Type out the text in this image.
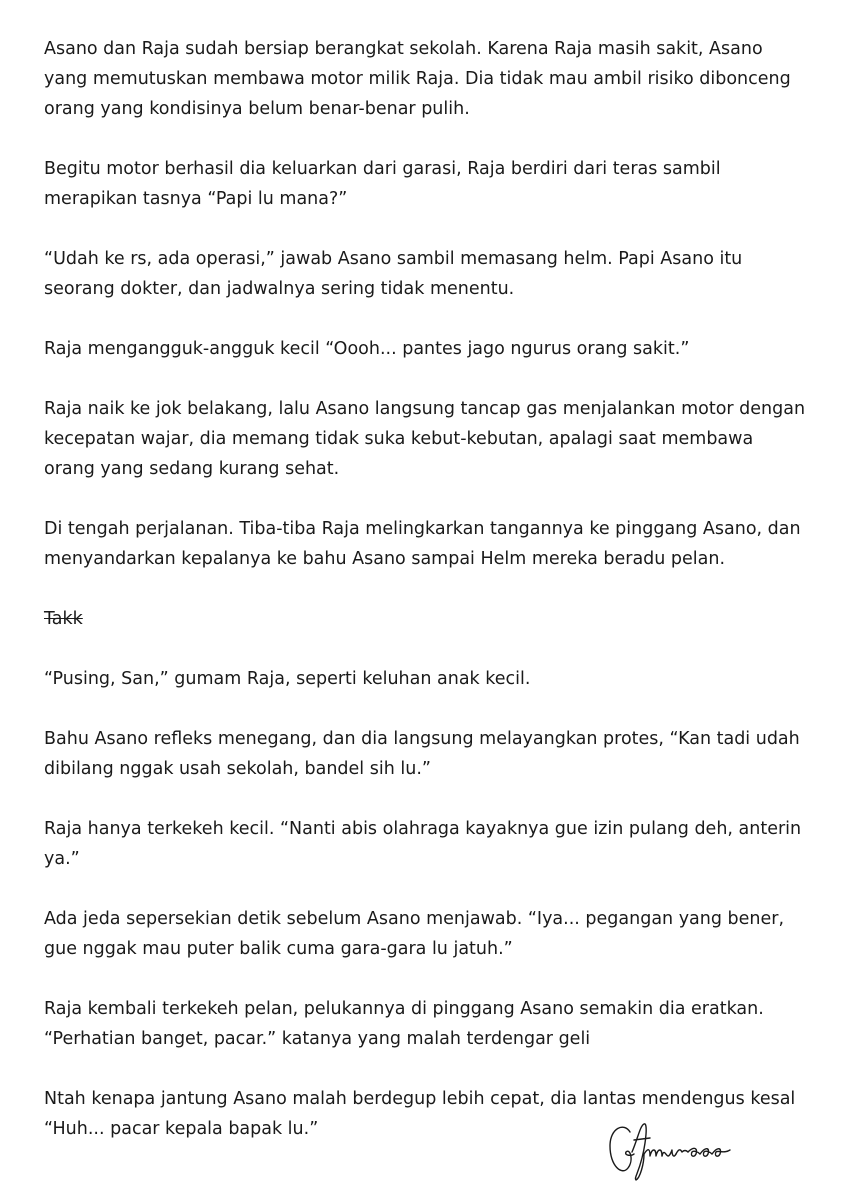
Asano dan Raja sudah bersiap berangkat sekolah. Karena Raja masih sakit, Asano yang memutuskan membawa motor milik Raja. Dia tidak mau ambil risiko dibonceng orang yang kondisinya belum benar-benar pulih.

Begitu motor berhasil dia keluarkan dari garasi, Raja berdiri dari teras sambil merapikan tasnya “Papi lu mana?”

“Udah ke rs, ada operasi,” jawab Asano sambil memasang helm. Papi Asano itu seorang dokter, dan jadwalnya sering tidak menentu.

Raja mengangguk-angguk kecil “Oooh... pantes jago ngurus orang sakit.”

Raja naik ke jok belakang, lalu Asano langsung tancap gas menjalankan motor dengan kecepatan wajar, dia memang tidak suka kebut-kebutan, apalagi saat membawa orang yang sedang kurang sehat.

Di tengah perjalanan. Tiba-tiba Raja melingkarkan tangannya ke pinggang Asano, dan menyandarkan kepalanya ke bahu Asano sampai Helm mereka beradu pelan.

Takk

“Pusing, San,” gumam Raja, seperti keluhan anak kecil.

Bahu Asano refleks menegang, dan dia langsung melayangkan protes, “Kan tadi udah dibilang nggak usah sekolah, bandel sih lu.”

Raja hanya terkekeh kecil. “Nanti abis olahraga kayaknya gue izin pulang deh, anterin ya.”

Ada jeda sepersekian detik sebelum Asano menjawab. “Iya... pegangan yang bener, gue nggak mau puter balik cuma gara-gara lu jatuh.”

Raja kembali terkekeh pelan, pelukannya di pinggang Asano semakin dia eratkan. “Perhatian banget, pacar.” katanya yang malah terdengar geli

Ntah kenapa jantung Asano malah berdegup lebih cepat, dia lantas mendengus kesal “Huh... pacar kepala bapak lu.”
